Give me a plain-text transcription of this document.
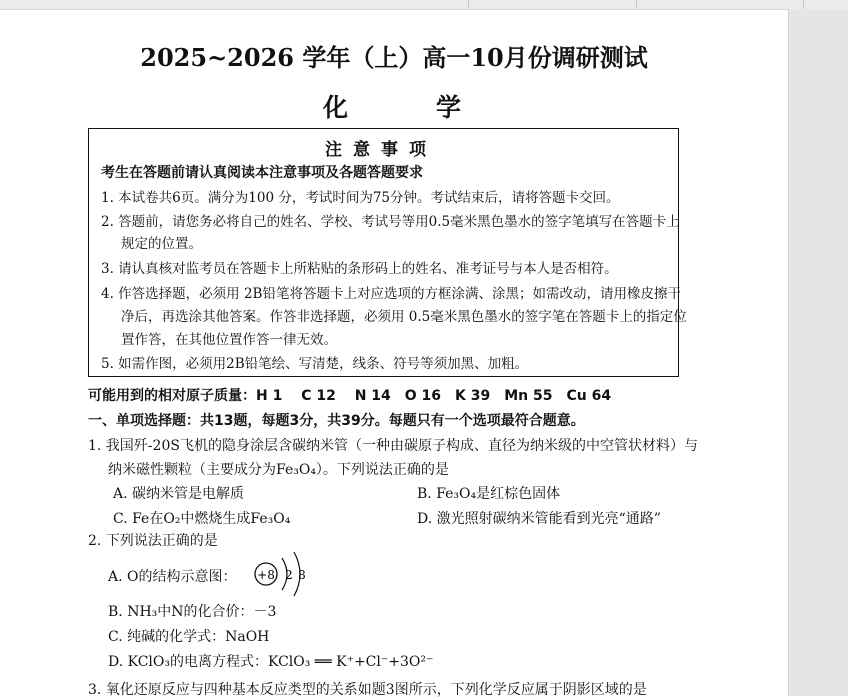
2025~2026 学年（上）高一10月份调研测试
化学
注意事项
考生在答题前请认真阅读本注意事项及各题答题要求
1. 本试卷共6页。满分为100 分，考试时间为75分钟。考试结束后，请将答题卡交回。
2. 答题前，请您务必将自己的姓名、学校、考试号等用0.5毫米黑色墨水的签字笔填写在答题卡上
规定的位置。
3. 请认真核对监考员在答题卡上所粘贴的条形码上的姓名、准考证号与本人是否相符。
4. 作答选择题，必须用 2B铅笔将答题卡上对应选项的方框涂满、涂黑；如需改动，请用橡皮擦干
净后，再选涂其他答案。作答非选择题，必须用 0.5毫米黑色墨水的签字笔在答题卡上的指定位
置作答，在其他位置作答一律无效。
5. 如需作图，必须用2B铅笔绘、写清楚，线条、符号等须加黑、加粗。
可能用到的相对原子质量：H 1　 C 12　 N 14　O 16　K 39　Mn 55　Cu 64
一、单项选择题：共13题，每题3分，共39分。每题只有一个选项最符合题意。
1. 我国歼-20S飞机的隐身涂层含碳纳米管（一种由碳原子构成、直径为纳米级的中空管状材料）与
纳米磁性颗粒（主要成分为Fe₃O₄）。下列说法正确的是
A. 碳纳米管是电解质	B. Fe₃O₄是红棕色固体
C. Fe在O₂中燃烧生成Fe₃O₄	D. 激光照射碳纳米管能看到光亮“通路”
2. 下列说法正确的是
A. O的结构示意图： +8 2 8
B. NH₃中N的化合价：－3
C. 纯碱的化学式：NaOH
D. KClO₃的电离方程式：KClO₃ ══ K⁺+Cl⁻+3O²⁻
3. 氧化还原反应与四种基本反应类型的关系如题3图所示，下列化学反应属于阴影区域的是
